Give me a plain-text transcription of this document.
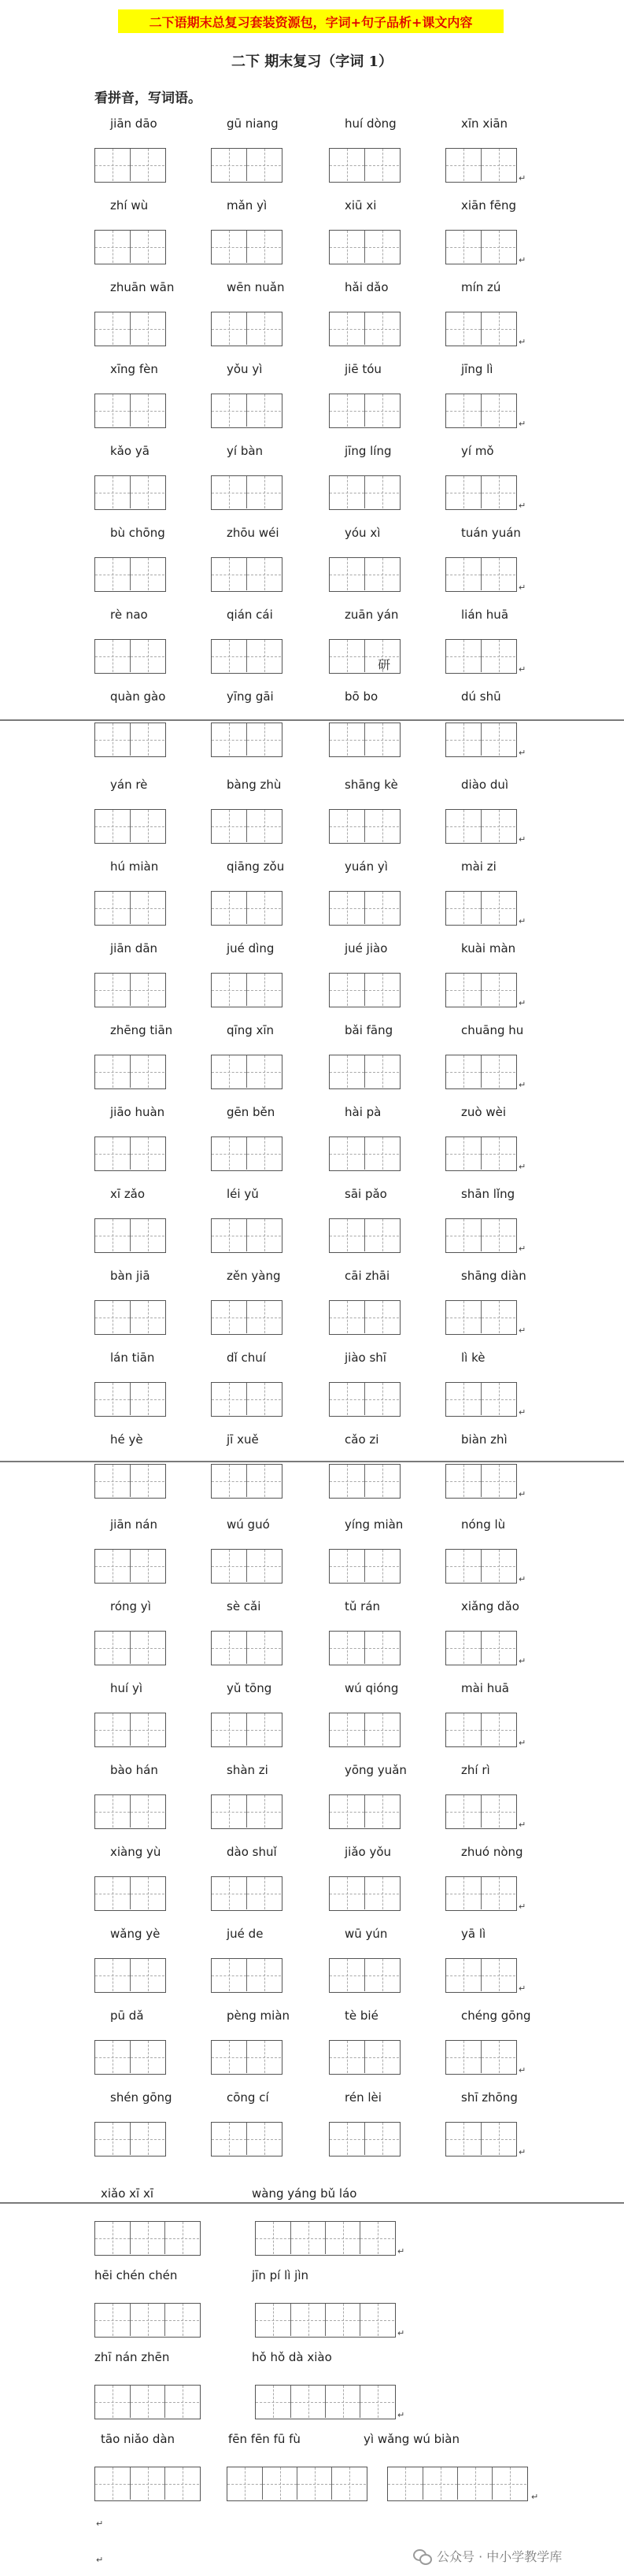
二下语期末总复习套装资源包，字词+句子品析+课文内容
二下 期末复习（字词 1）
看拼音，写词语。
jiān dāo	gū niang	huí dòng	xīn xiān
↵
zhí wù	mǎn yì	xiū xi	xiān fēng
↵
zhuān wān	wēn nuǎn	hǎi dǎo	mín zú
↵
xīng fèn	yǒu yì	jiē tóu	jīng lì
↵
kǎo yā	yí bàn	jīng líng	yí mǒ
↵
bù chōng	zhōu wéi	yóu xì	tuán yuán
↵
rè nao	qián cái	zuān yán	lián huā
↵
quàn gào	yīng gāi	bō bo	dú shū
↵
yán rè	bàng zhù	shāng kè	diào duì
↵
hú miàn	qiāng zǒu	yuán yì	mài zi
↵
jiān dān	jué dìng	jué jiào	kuài màn
↵
zhēng tiān	qīng xīn	bǎi fāng	chuāng hu
↵
jiāo huàn	gēn běn	hài pà	zuò wèi
↵
xī zǎo	léi yǔ	sāi pǎo	shān lǐng
↵
bàn jiā	zěn yàng	cāi zhāi	shāng diàn
↵
lán tiān	dǐ chuí	jiào shī	lì kè
↵
hé yè	jī xuě	cǎo zi	biàn zhì
↵
jiān nán	wú guó	yíng miàn	nóng lù
↵
róng yì	sè cǎi	tǔ rán	xiǎng dǎo
↵
huí yì	yǔ tōng	wú qióng	mài huā
↵
bào hán	shàn zi	yōng yuǎn	zhí rì
↵
xiàng yù	dào shuǐ	jiǎo yǒu	zhuó nòng
↵
wǎng yè	jué de	wū yún	yā lì
↵
pū dǎ	pèng miàn	tè bié	chéng gōng
↵
shén gōng	cōng cí	rén lèi	shī zhōng
↵
研
xiǎo xī xī	wàng yáng bǔ láo
↵
hēi chén chén	jīn pí lì jìn
↵
zhī nán zhēn	hǒ hǒ dà xiào
↵
tāo niǎo dàn	fēn fēn fū fù	yì wǎng wú biàn
↵
↵
↵	公众号 · 中小学教学库
